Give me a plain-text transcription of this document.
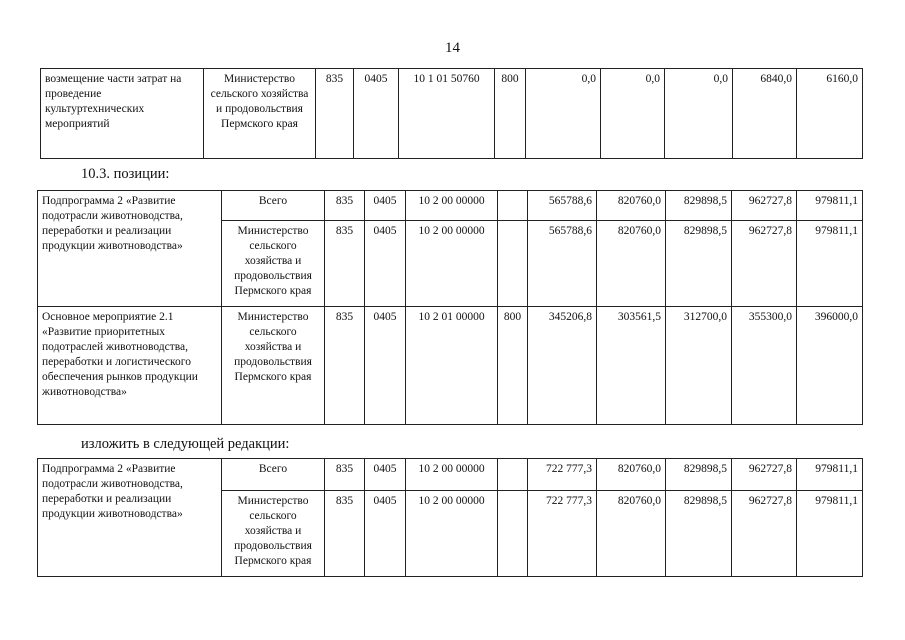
14
возмещение части затрат на проведение культуртехнических мероприятий	Министерство сельского хозяйства и продовольствия Пермского края	835	0405	10 1 01 50760	800	0,0	0,0	0,0	6840,0	6160,0
10.3. позиции:
Подпрограмма 2 «Развитие подотрасли животноводства, переработки и реализации продукции животноводства»	Всего	835	0405	10 2 00 00000		565788,6	820760,0	829898,5	962727,8	979811,1
	Министерство сельского хозяйства и продовольствия Пермского края	835	0405	10 2 00 00000		565788,6	820760,0	829898,5	962727,8	979811,1
Основное мероприятие 2.1 «Развитие приоритетных подотраслей животноводства, переработки и логистического обеспечения рынков продукции животноводства»	Министерство сельского хозяйства и продовольствия Пермского края	835	0405	10 2 01 00000	800	345206,8	303561,5	312700,0	355300,0	396000,0
изложить в следующей редакции:
Подпрограмма 2 «Развитие подотрасли животноводства, переработки и реализации продукции животноводства»	Всего	835	0405	10 2 00 00000		722 777,3	820760,0	829898,5	962727,8	979811,1
	Министерство сельского хозяйства и продовольствия Пермского края	835	0405	10 2 00 00000		722 777,3	820760,0	829898,5	962727,8	979811,1
